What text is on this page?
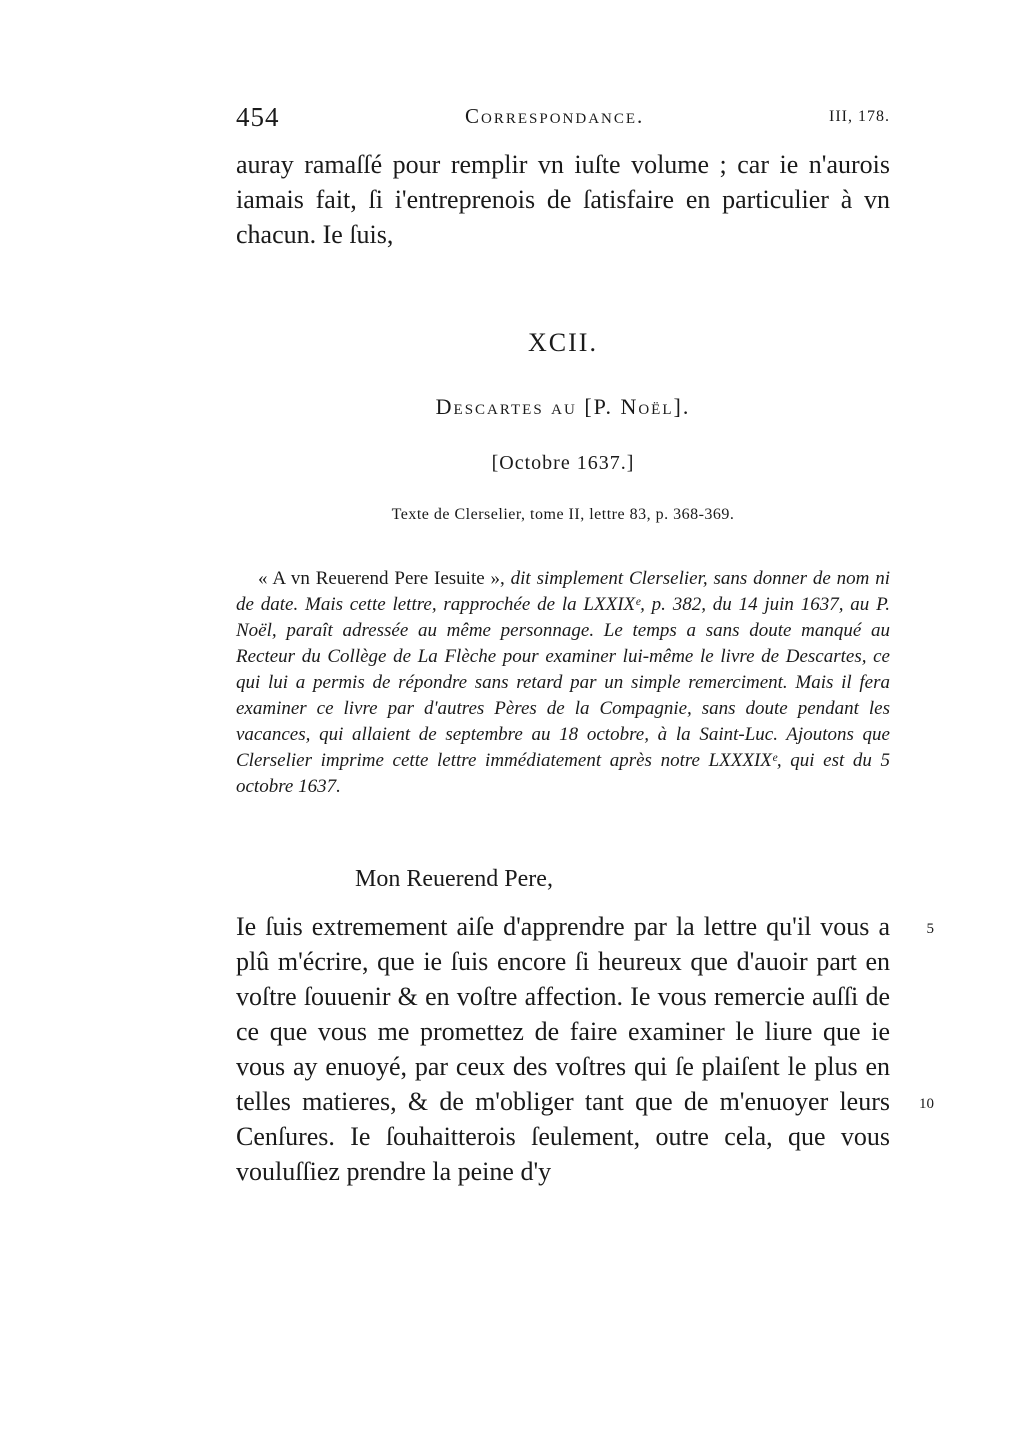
454	Correspondance.	III, 178.
auray ramaſſé pour remplir vn iuſte volume ; car ie n'aurois iamais fait, ſi i'entreprenois de ſatisfaire en particulier à vn chacun. Ie ſuis,
XCII.
Descartes au [P. Noël].
[Octobre 1637.]
Texte de Clerselier, tome II, lettre 83, p. 368-369.
« A vn Reuerend Pere Iesuite », dit simplement Clerselier, sans donner de nom ni de date. Mais cette lettre, rapprochée de la LXXIXᵉ, p. 382, du 14 juin 1637, au P. Noël, paraît adressée au même personnage. Le temps a sans doute manqué au Recteur du Collège de La Flèche pour examiner lui-même le livre de Descartes, ce qui lui a permis de répondre sans retard par un simple remerciment. Mais il fera examiner ce livre par d'autres Pères de la Compagnie, sans doute pendant les vacances, qui allaient de septembre au 18 octobre, à la Saint-Luc. Ajoutons que Clerselier imprime cette lettre immédiatement après notre LXXXIXᵉ, qui est du 5 octobre 1637.
Mon Reuerend Pere,
Ie ſuis extremement aiſe d'apprendre par la lettre qu'il vous a plû m'écrire, que ie ſuis encore ſi heureux que d'auoir part en voſtre ſouuenir & en voſtre affection. Ie vous remercie auſſi de ce que vous me promettez de faire examiner le liure que ie vous ay enuoyé, par ceux des voſtres qui ſe plaiſent le plus en telles matieres, & de m'obliger tant que de m'enuoyer leurs Cenſures. Ie ſouhaitterois ſeulement, outre cela, que vous vouluſſiez prendre la peine d'y
5
10
